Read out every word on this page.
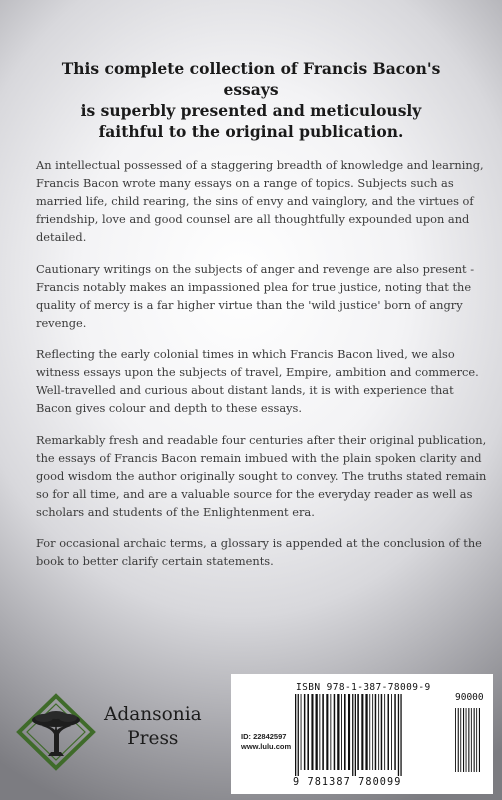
This complete collection of Francis Bacon's essays
is superbly presented and meticulously
faithful to the original publication.

An intellectual possessed of a staggering breadth of knowledge and learning, Francis Bacon wrote many essays on a range of topics. Subjects such as married life, child rearing, the sins of envy and vainglory, and the virtues of friendship, love and good counsel are all thoughtfully expounded upon and detailed.

Cautionary writings on the subjects of anger and revenge are also present - Francis notably makes an impassioned plea for true justice, noting that the quality of mercy is a far higher virtue than the 'wild justice' born of angry revenge.

Reflecting the early colonial times in which Francis Bacon lived, we also witness essays upon the subjects of travel, Empire, ambition and commerce. Well-travelled and curious about distant lands, it is with experience that Bacon gives colour and depth to these essays.

Remarkably fresh and readable four centuries after their original publication, the essays of Francis Bacon remain imbued with the plain spoken clarity and good wisdom the author originally sought to convey. The truths stated remain so for all time, and are a valuable source for the everyday reader as well as scholars and students of the Enlightenment era.

For occasional archaic terms, a glossary is appended at the conclusion of the book to better clarify certain statements.

Adansonia
Press
ISBN 978-1-387-78009-9
ID: 22842597
www.lulu.com
9 781387 780099
90000
